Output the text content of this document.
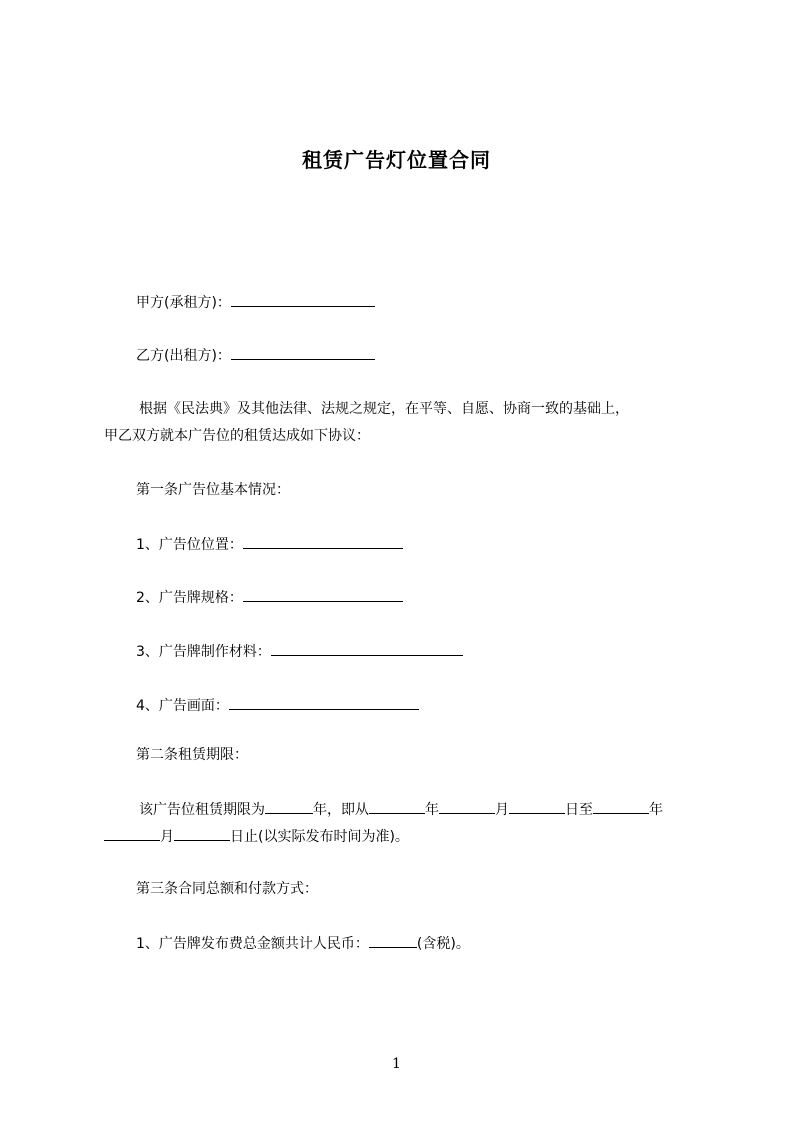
租赁广告灯位置合同
甲方(承租方)：
乙方(出租方)：
根据《民法典》及其他法律、法规之规定，在平等、自愿、协商一致的基础上，
甲乙双方就本广告位的租赁达成如下协议：
第一条广告位基本情况：
1、广告位位置：
2、广告牌规格：
3、广告牌制作材料：
4、广告画面：
第二条租赁期限：
该广告位租赁期限为	年，即从	年	月	日至	年
月	日止(以实际发布时间为准)。
第三条合同总额和付款方式：
1、广告牌发布费总金额共计人民币：	(含税)。
1
